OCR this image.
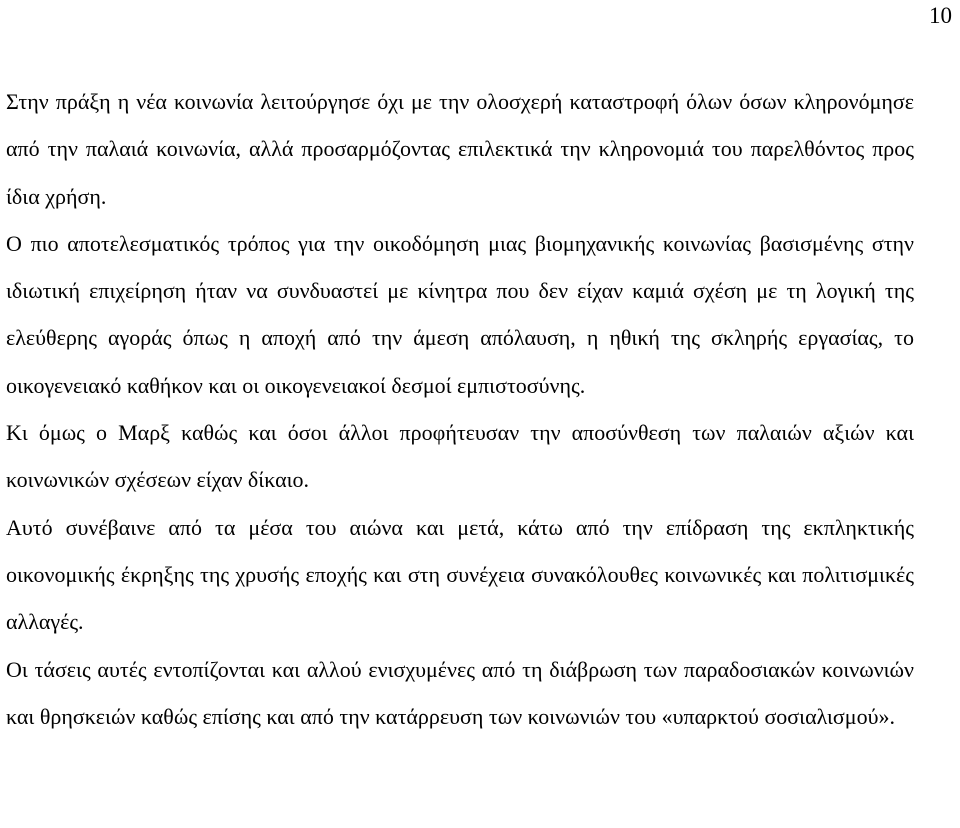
10

Στην πράξη η νέα κοινωνία λειτούργησε όχι με την ολοσχερή καταστροφή όλων όσων κληρονόμησε από την παλαιά κοινωνία, αλλά προσαρμόζοντας επιλεκτικά την κληρονομιά του παρελθόντος προς ίδια χρήση.

Ο πιο αποτελεσματικός τρόπος για την οικοδόμηση μιας βιομηχανικής κοινωνίας βασισμένης στην ιδιωτική επιχείρηση ήταν να συνδυαστεί με κίνητρα που δεν είχαν καμιά σχέση με τη λογική της ελεύθερης αγοράς όπως η αποχή από την άμεση απόλαυση, η ηθική της σκληρής εργασίας, το οικογενειακό καθήκον και οι οικογενειακοί δεσμοί εμπιστοσύνης.

Κι όμως ο Μαρξ καθώς και όσοι άλλοι προφήτευσαν την αποσύνθεση των παλαιών αξιών και κοινωνικών σχέσεων είχαν δίκαιο.

Αυτό συνέβαινε από τα μέσα του αιώνα και μετά, κάτω από την επίδραση της εκπληκτικής οικονομικής έκρηξης της χρυσής εποχής και στη συνέχεια συνακόλουθες κοινωνικές και πολιτισμικές αλλαγές.

Οι τάσεις αυτές εντοπίζονται και αλλού ενισχυμένες από τη διάβρωση των παραδοσιακών κοινωνιών και θρησκειών καθώς επίσης και από την κατάρρευση των κοινωνιών του «υπαρκτού σοσιαλισμού».
